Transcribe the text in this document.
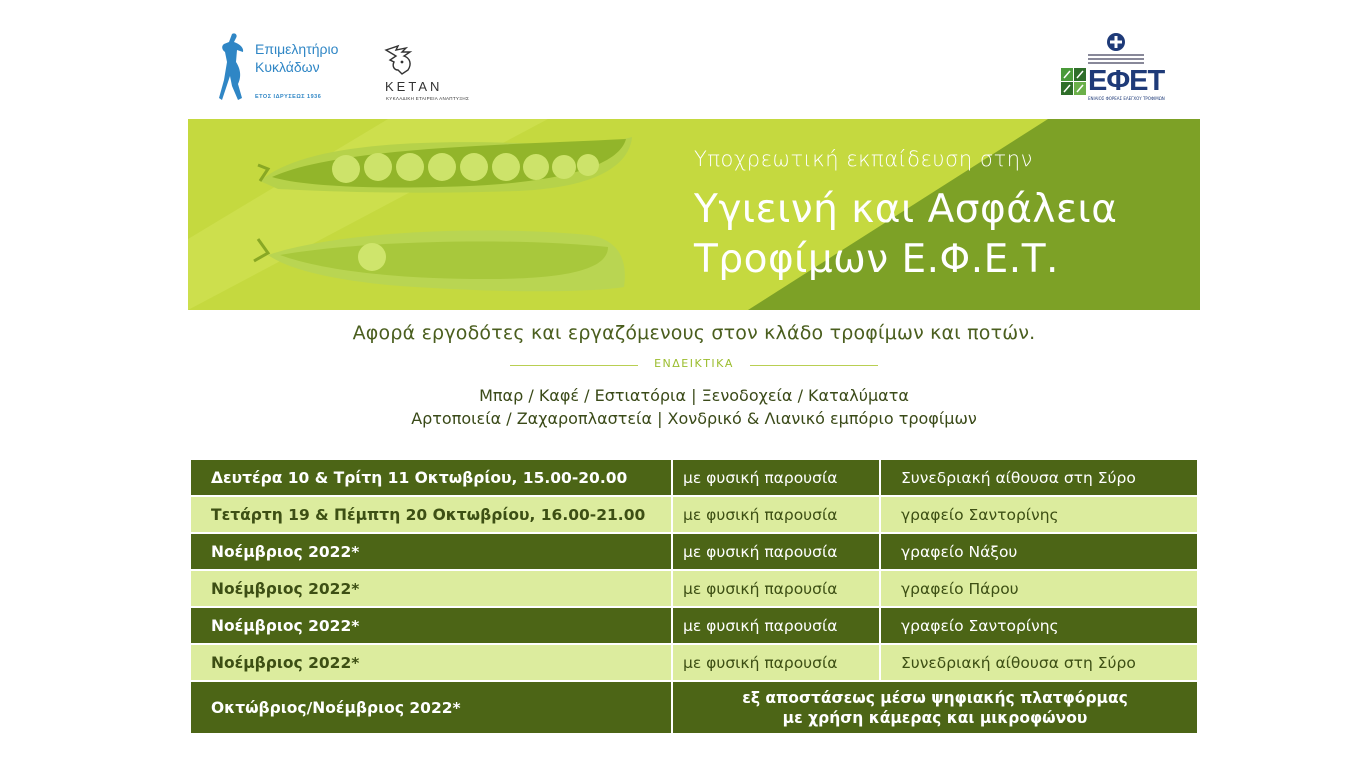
Επιμελητήριο
Κυκλάδων
ΕΤΟΣ ΙΔΡΥΣΕΩΣ 1936
KETAN
ΚΥΚΛΑΔΙΚΗ ΕΤΑΙΡΕΙΑ ΑΝΑΠΤΥΞΗΣ
ΕΦΕΤ
ΕΝΙΑΙΟΣ ΦΟΡΕΑΣ ΕΛΕΓΧΟΥ ΤΡΟΦΙΜΩΝ
Υποχρεωτική εκπαίδευση στην
Υγιεινή και Ασφάλεια
Τροφίμων Ε.Φ.Ε.Τ.
Αφορά εργοδότες και εργαζόμενους στον κλάδο τροφίμων και ποτών.
ΕΝΔΕΙΚΤΙΚΑ
Μπαρ / Καφέ / Εστιατόρια | Ξενοδοχεία / Καταλύματα
Αρτοποιεία / Ζαχαροπλαστεία | Χονδρικό & Λιανικό εμπόριο τροφίμων
Δευτέρα 10 & Τρίτη 11 Οκτωβρίου, 15.00-20.00	με φυσική παρουσία	Συνεδριακή αίθουσα στη Σύρο
Τετάρτη 19 & Πέμπτη 20 Οκτωβρίου, 16.00-21.00	με φυσική παρουσία	γραφείο Σαντορίνης
Νοέμβριος 2022*	με φυσική παρουσία	γραφείο Νάξου
Νοέμβριος 2022*	με φυσική παρουσία	γραφείο Πάρου
Νοέμβριος 2022*	με φυσική παρουσία	γραφείο Σαντορίνης
Νοέμβριος 2022*	με φυσική παρουσία	Συνεδριακή αίθουσα στη Σύρο
Οκτώβριος/Νοέμβριος 2022*	εξ αποστάσεως μέσω ψηφιακής πλατφόρμας
με χρήση κάμερας και μικροφώνου	
